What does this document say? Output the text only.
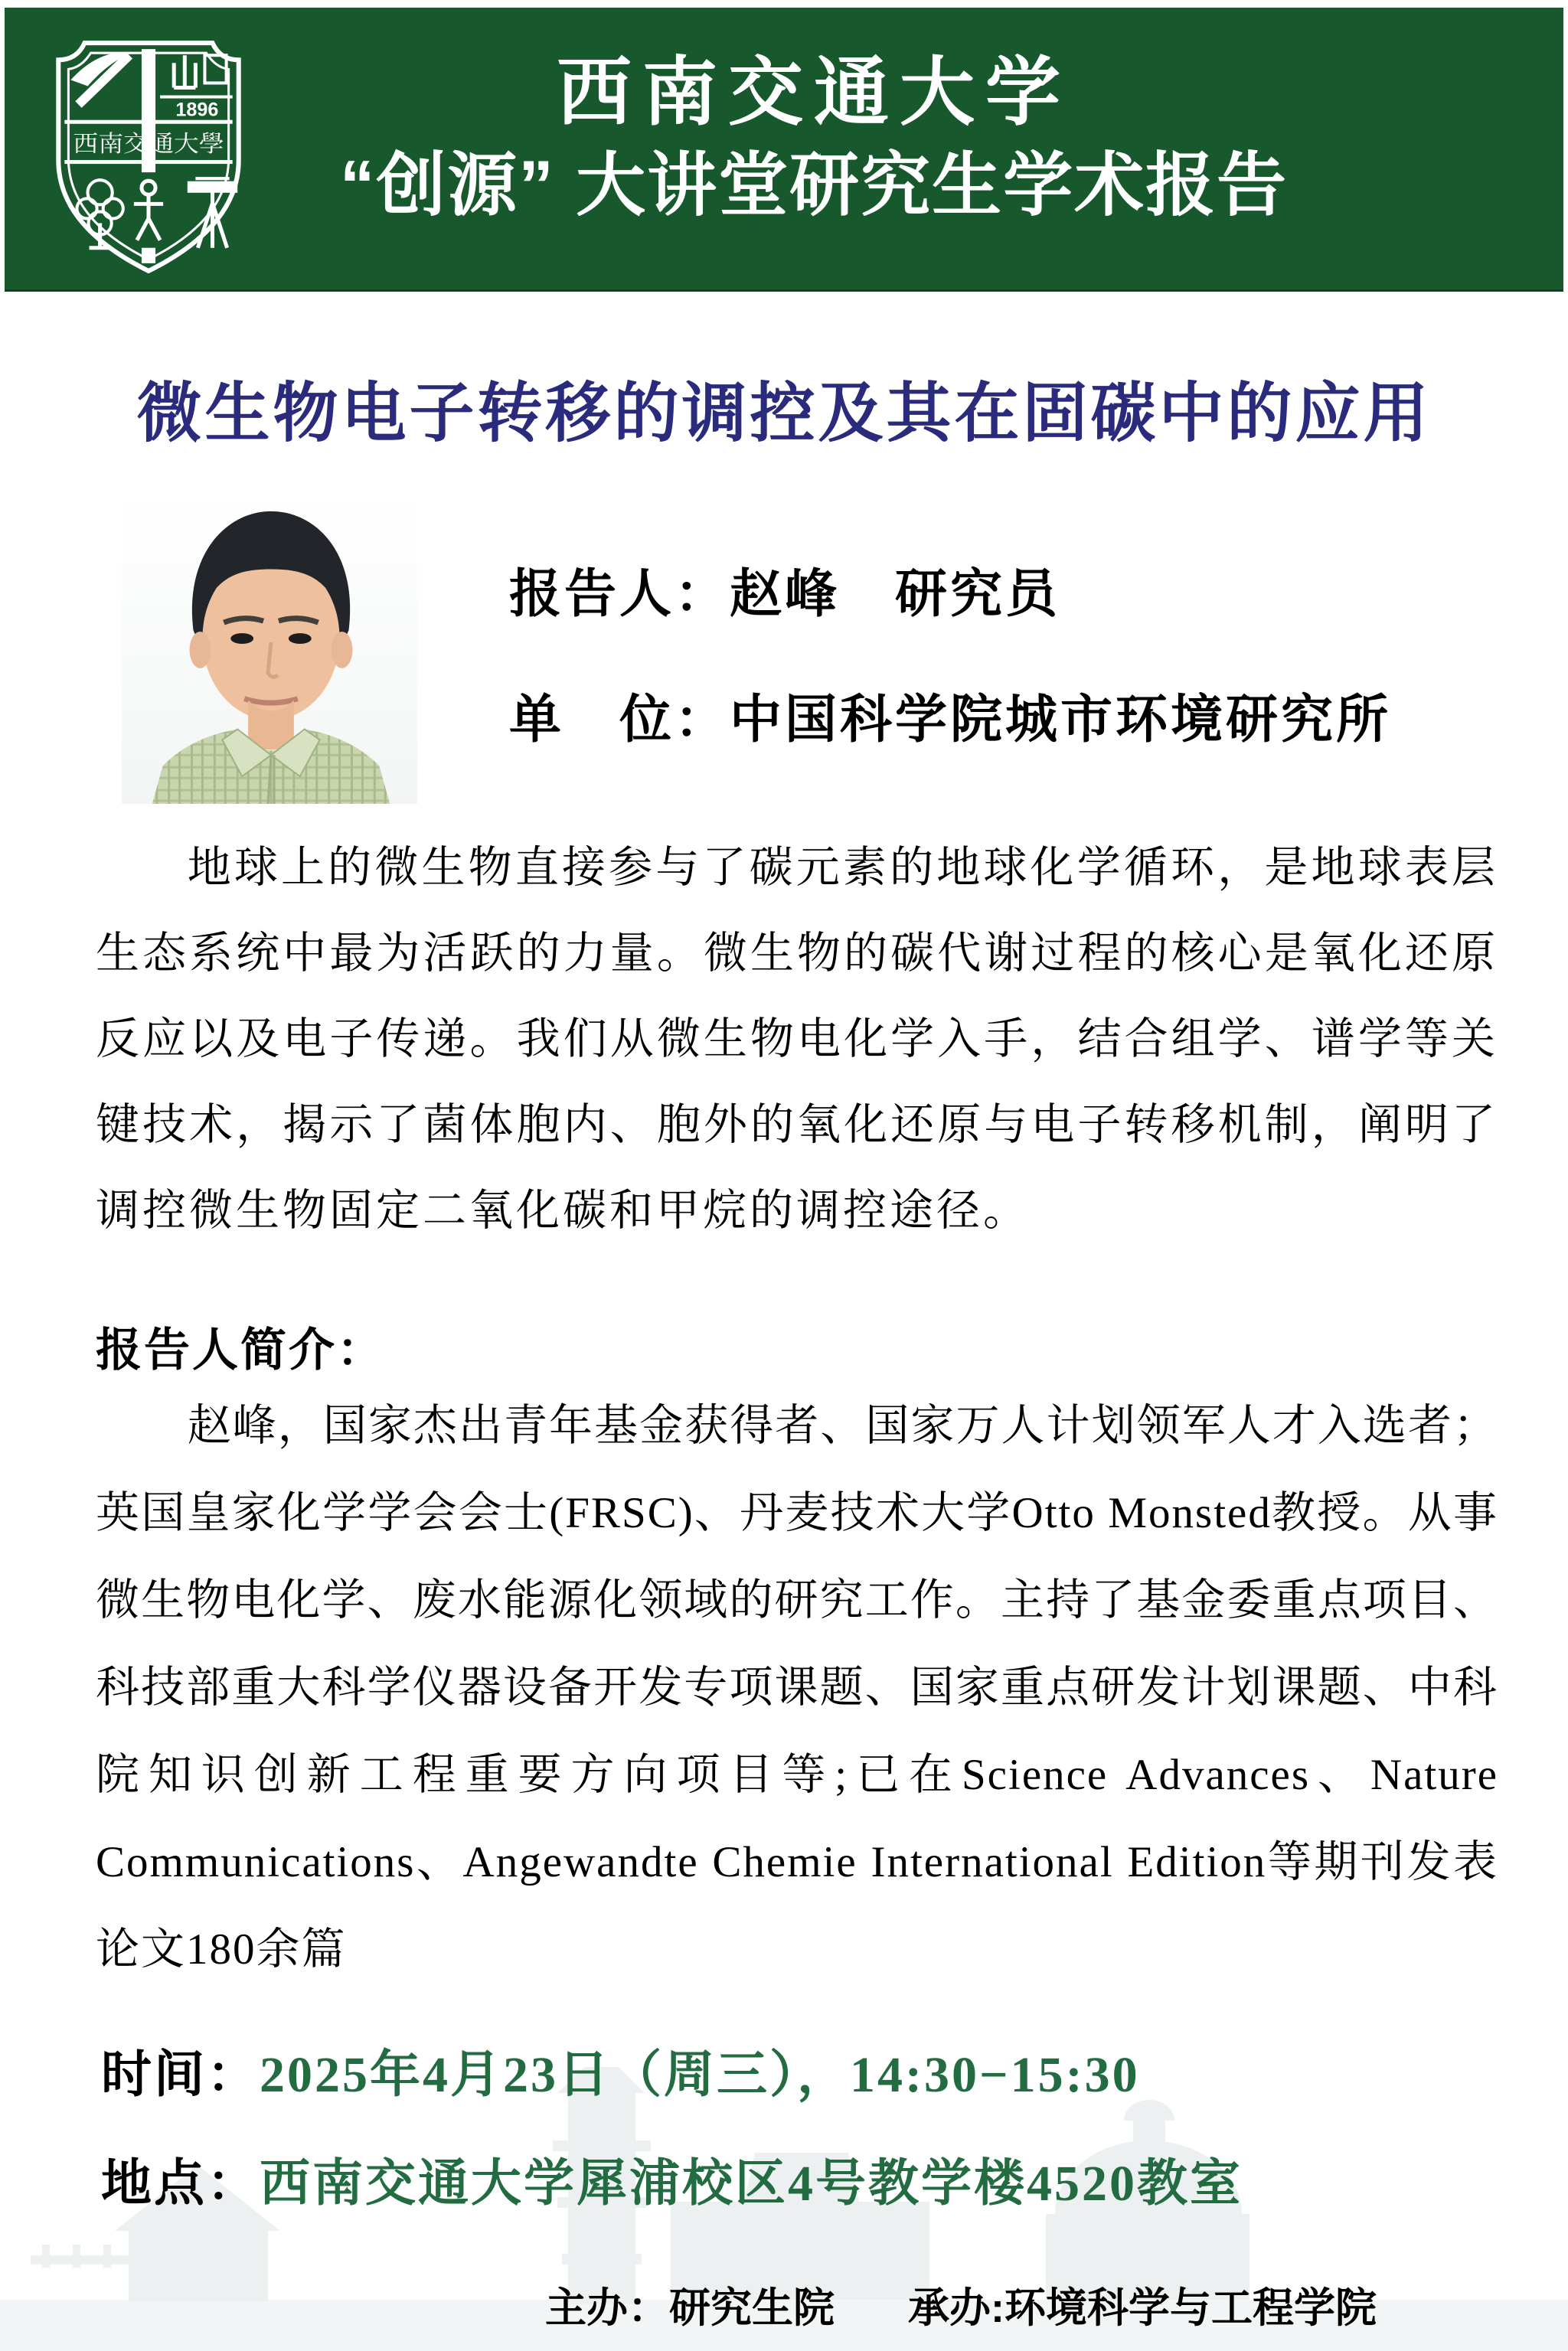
1896
西南交通大學
西南交通大学
“创源” 大讲堂研究生学术报告
微生物电子转移的调控及其在固碳中的应用
报告人：赵峰　研究员
单　位：中国科学院城市环境研究所

地球上的微生物直接参与了碳元素的地球化学循环，是地球表层生态系统中最为活跃的力量。微生物的碳代谢过程的核心是氧化还原反应以及电子传递。我们从微生物电化学入手，结合组学、谱学等关键技术，揭示了菌体胞内、胞外的氧化还原与电子转移机制，阐明了调控微生物固定二氧化碳和甲烷的调控途径。

报告人简介：

赵峰，国家杰出青年基金获得者、国家万人计划领军人才入选者；英国皇家化学学会会士(FRSC)、丹麦技术大学Otto Monsted教授。从事微生物电化学、废水能源化领域的研究工作。主持了基金委重点项目、科技部重大科学仪器设备开发专项课题、国家重点研发计划课题、中科院知识创新工程重要方向项目等;已在Science Advances、Nature Communications、Angewandte Chemie International Edition等期刊发表论文180余篇

时间：2025年4月23日（周三），14:30−15:30
地点：西南交通大学犀浦校区4号教学楼4520教室
主办：研究生院 承办:环境科学与工程学院
